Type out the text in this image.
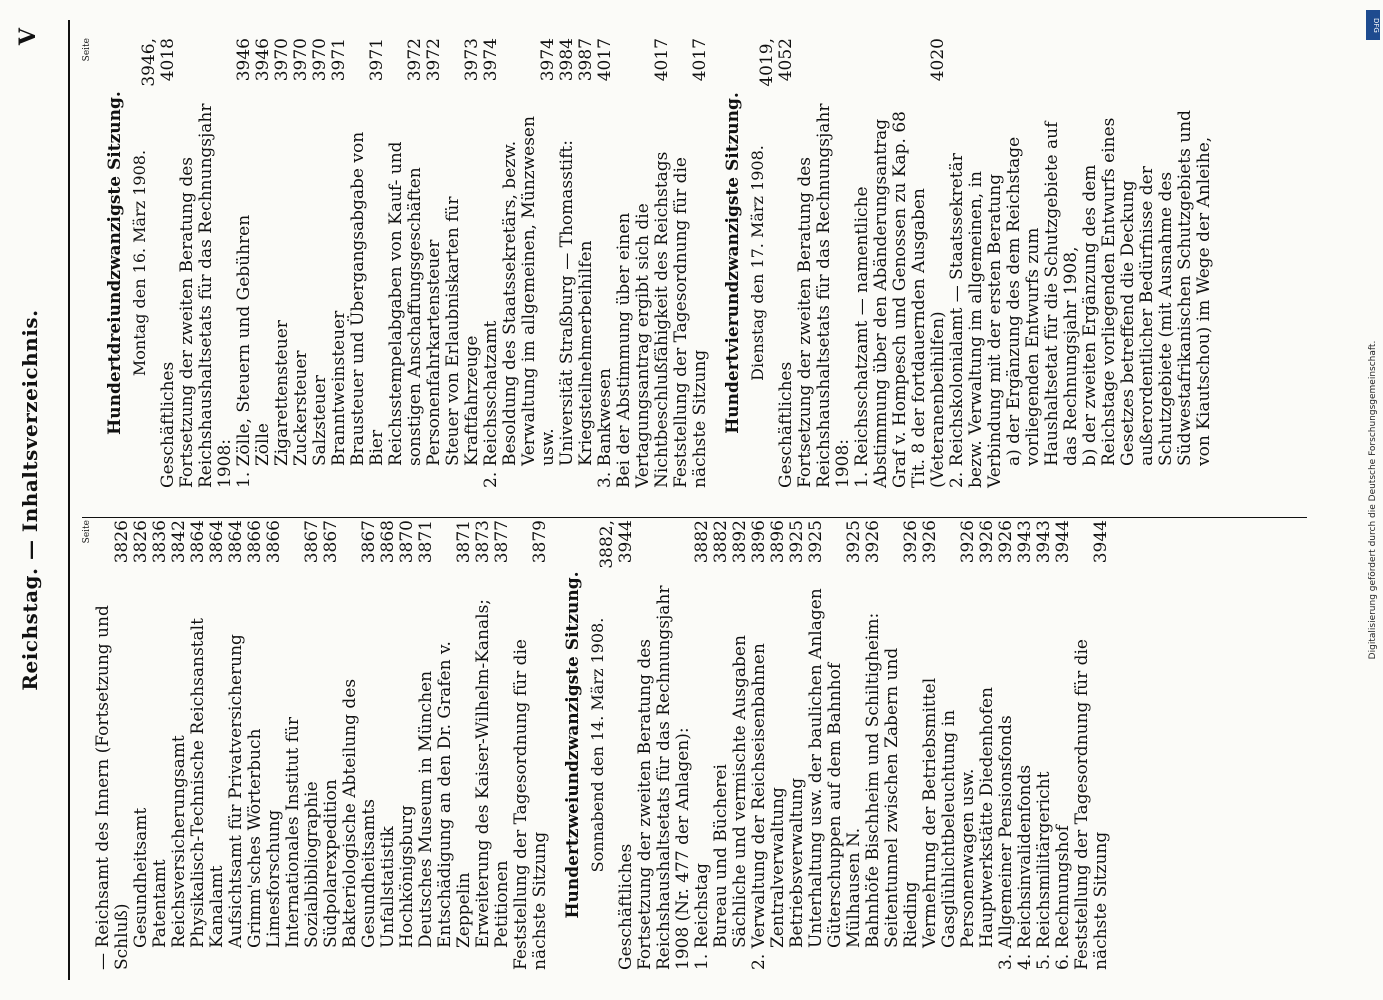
Reichstag. — Inhaltsverzeichnis.
V
Seite
— Reichsamt des Innern (Fortsetzung und Schluß)
3826
Gesundheitsamt
3826
Patentamt
3836
Reichsversicherungsamt
3842
Physikalisch-Technische Reichsanstalt
3864
Kanalamt
3864
Aufsichtsamt für Privatversicherung
3864
Grimm'sches Wörterbuch
3866
Limesforschung
3866
Internationales Institut für Sozialbibliographie
3867
Südpolarexpedition
3867
Bakteriologische Abteilung des Gesundheitsamts
3867
Unfallstatistik
3868
Hochkönigsburg
3870
Deutsches Museum in München
3871
Entschädigung an den Dr. Grafen v. Zeppelin
3871
Erweiterung des Kaiser-Wilhelm-Kanals;
3873
Petitionen
3877
Feststellung der Tagesordnung für die nächste Sitzung
3879
Hundertzweiundzwanzigste Sitzung. Sonnabend den 14. März 1908.
Geschäftliches
3882, 3944
Fortsetzung der zweiten Beratung des Reichshaushaltsetats für das Rechnungsjahr 1908 (Nr. 477 der Anlagen): 1. Reichstag
3882
Bureau und Bücherei
3882
Sächliche und vermischte Ausgaben
3892
2. Verwaltung der Reichseisenbahnen
3896
Zentralverwaltung
3896
Betriebsverwaltung
3925
Unterhaltung usw. der baulichen Anlagen
3925
Güterschuppen auf dem Bahnhof Mülhausen N.
3925
Bahnhöfe Bischheim und Schiltigheim:
3926
Seitentunnel zwischen Zabern und Rieding
3926
Vermehrung der Betriebsmittel
3926
Gasglühlichtbeleuchtung in Personenwagen usw.
3926
Hauptwerkstätte Diedenhofen
3926
3. Allgemeiner Pensionsfonds
3926
4. Reichsinvalidenfonds
3943
5. Reichsmilitärgericht
3943
6. Rechnungshof
3944
Feststellung der Tagesordnung für die nächste Sitzung
3944
Seite
Hundertdreiundzwanzigste Sitzung. Montag den 16. März 1908.
Geschäftliches
3946, 4018
Fortsetzung der zweiten Beratung des Reichshaushaltsetats für das Rechnungsjahr 1908: 1. Zölle, Steuern und Gebühren
3946
Zölle
3946
Zigarettensteuer
3970
Zuckersteuer
3970
Salzsteuer
3970
Branntweinsteuer
3971
Brausteuer und Übergangsabgabe von Bier
3971
Reichsstempelabgaben von Kauf- und sonstigen Anschaffungsgeschäften
3972
Personenfahrkartensteuer
3972
Steuer von Erlaubniskarten für Kraftfahrzeuge
3973
2. Reichsschatzamt
3974
Besoldung des Staatssekretärs, bezw. Verwaltung im allgemeinen, Münzwesen usw.
3974
Universität Straßburg — Thomasstift:
3984
Kriegsteilnehmerbeihilfen
3987
3. Bankwesen
4017
Bei der Abstimmung über einen Vertagungsantrag ergibt sich die Nichtbeschlußfähigkeit des Reichstags
4017
Feststellung der Tagesordnung für die nächste Sitzung
4017
Hundertvierundzwanzigste Sitzung. Dienstag den 17. März 1908.
Geschäftliches
4019, 4052
Fortsetzung der zweiten Beratung des Reichshaushaltsetats für das Rechnungsjahr 1908: 1. Reichsschatzamt — namentliche Abstimmung über den Abänderungsantrag Graf v. Hompesch und Genossen zu Kap. 68 Tit. 8 der fortdauernden Ausgaben (Veteranenbeihilfen)
4020
2. Reichskolonialamt — Staatssekretär bezw. Verwaltung im allgemeinen, in Verbindung mit der ersten Beratung a) der Ergänzung des dem Reichstage vorliegenden Entwurfs zum Haushaltsetat für die Schutzgebiete auf das Rechnungsjahr 1908, b) der zweiten Ergänzung des dem Reichstage vorliegenden Entwurfs eines Gesetzes betreffend die Deckung außerordentlicher Bedürfnisse der Schutzgebiete (mit Ausnahme des Südwestafrikanischen Schutzgebiets und von Kiautschou) im Wege der Anleihe,
DFG
Digitalisierung gefördert durch die Deutsche Forschungsgemeinschaft.
